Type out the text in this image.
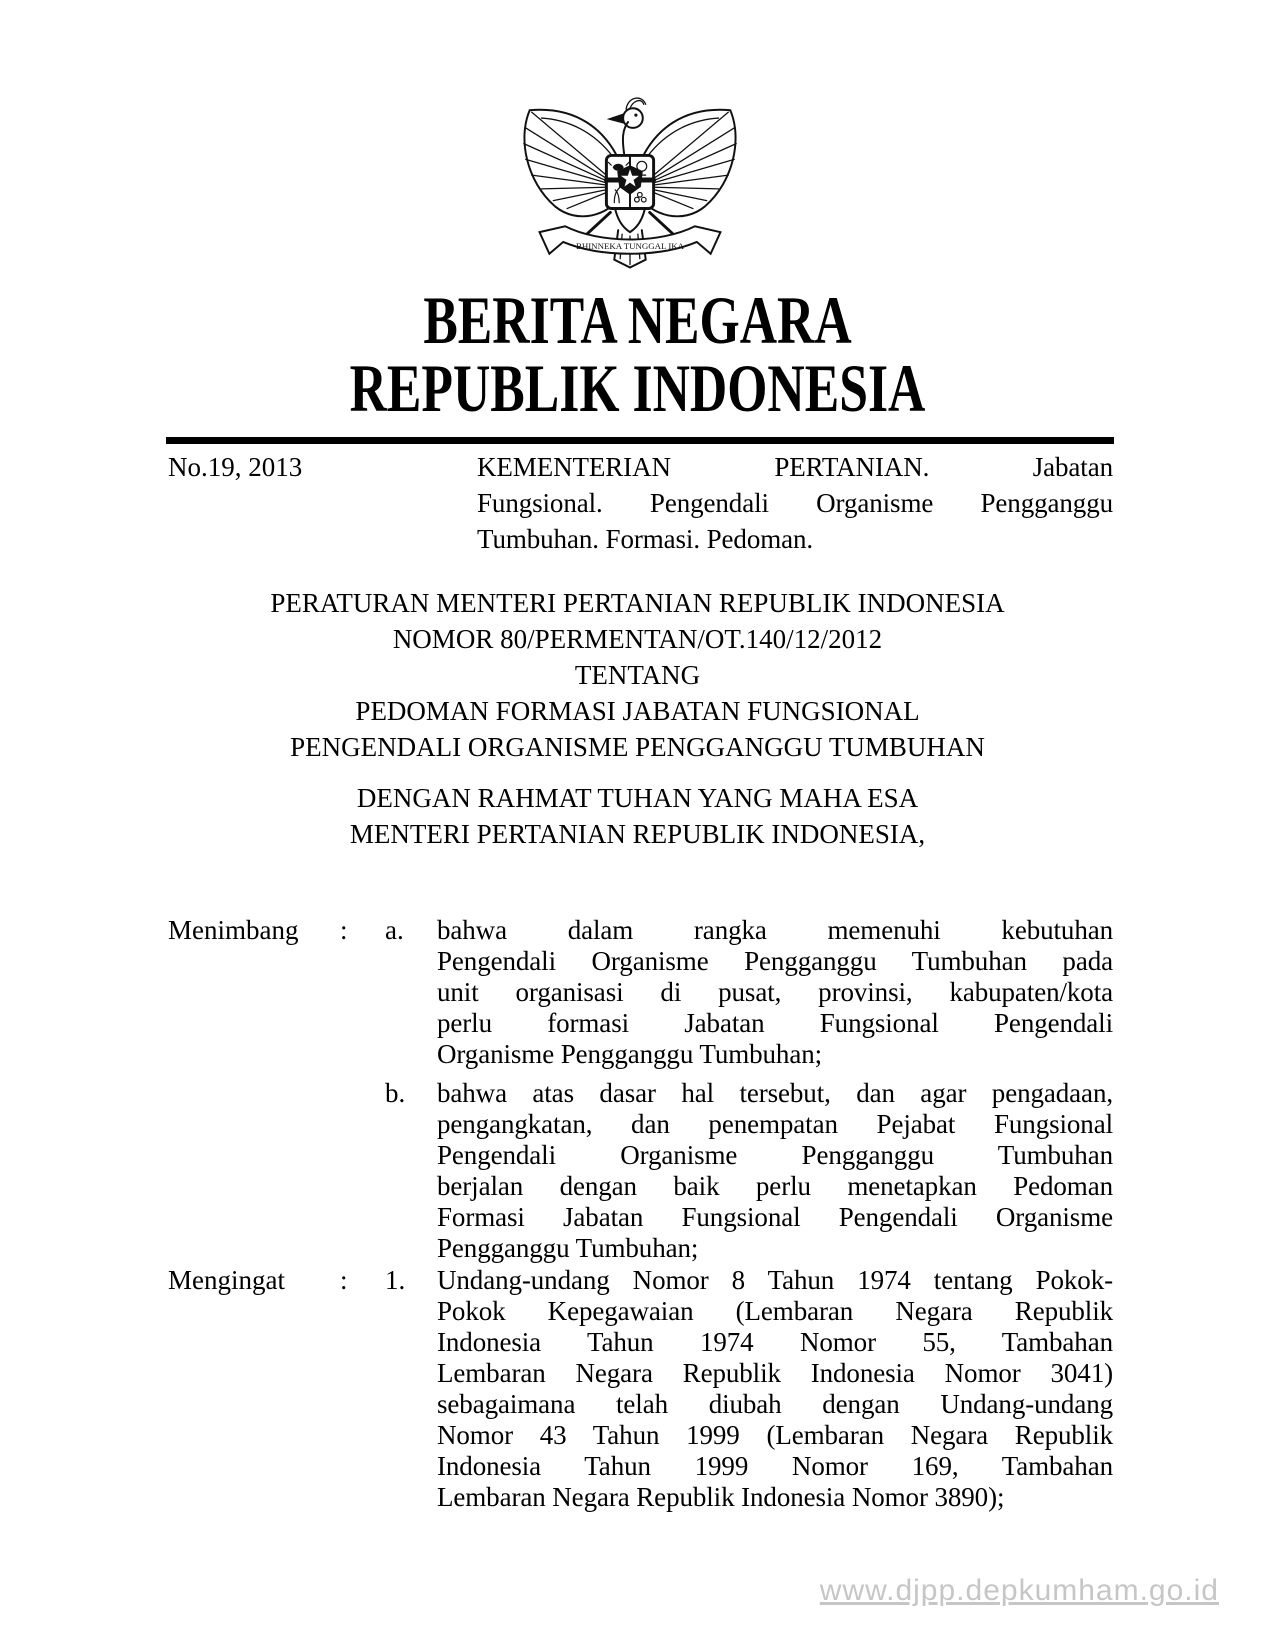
BHINNEKA TUNGGAL IKA
BERITA NEGARA
REPUBLIK INDONESIA
No.19, 2013	KEMENTERIAN PERTANIAN. Jabatan
Fungsional. Pengendali Organisme Pengganggu
Tumbuhan. Formasi. Pedoman.
PERATURAN MENTERI PERTANIAN REPUBLIK INDONESIA
NOMOR 80/PERMENTAN/OT.140/12/2012
TENTANG
PEDOMAN FORMASI JABATAN FUNGSIONAL
PENGENDALI ORGANISME PENGGANGGU TUMBUHAN
DENGAN RAHMAT TUHAN YANG MAHA ESA
MENTERI PERTANIAN REPUBLIK INDONESIA,
Menimbang	:	a.	bahwa dalam rangka memenuhi kebutuhan
Pengendali Organisme Pengganggu Tumbuhan pada
unit organisasi di pusat, provinsi, kabupaten/kota
perlu formasi Jabatan Fungsional Pengendali
Organisme Pengganggu Tumbuhan;
b.	bahwa atas dasar hal tersebut, dan agar pengadaan,
pengangkatan, dan penempatan Pejabat Fungsional
Pengendali Organisme Pengganggu Tumbuhan
berjalan dengan baik perlu menetapkan Pedoman
Formasi Jabatan Fungsional Pengendali Organisme
Pengganggu Tumbuhan;
Mengingat	:	1.	Undang-undang Nomor 8 Tahun 1974 tentang Pokok-
Pokok Kepegawaian (Lembaran Negara Republik
Indonesia Tahun 1974 Nomor 55, Tambahan
Lembaran Negara Republik Indonesia Nomor 3041)
sebagaimana telah diubah dengan Undang-undang
Nomor 43 Tahun 1999 (Lembaran Negara Republik
Indonesia Tahun 1999 Nomor 169, Tambahan
Lembaran Negara Republik Indonesia Nomor 3890);
www.djpp.depkumham.go.id
